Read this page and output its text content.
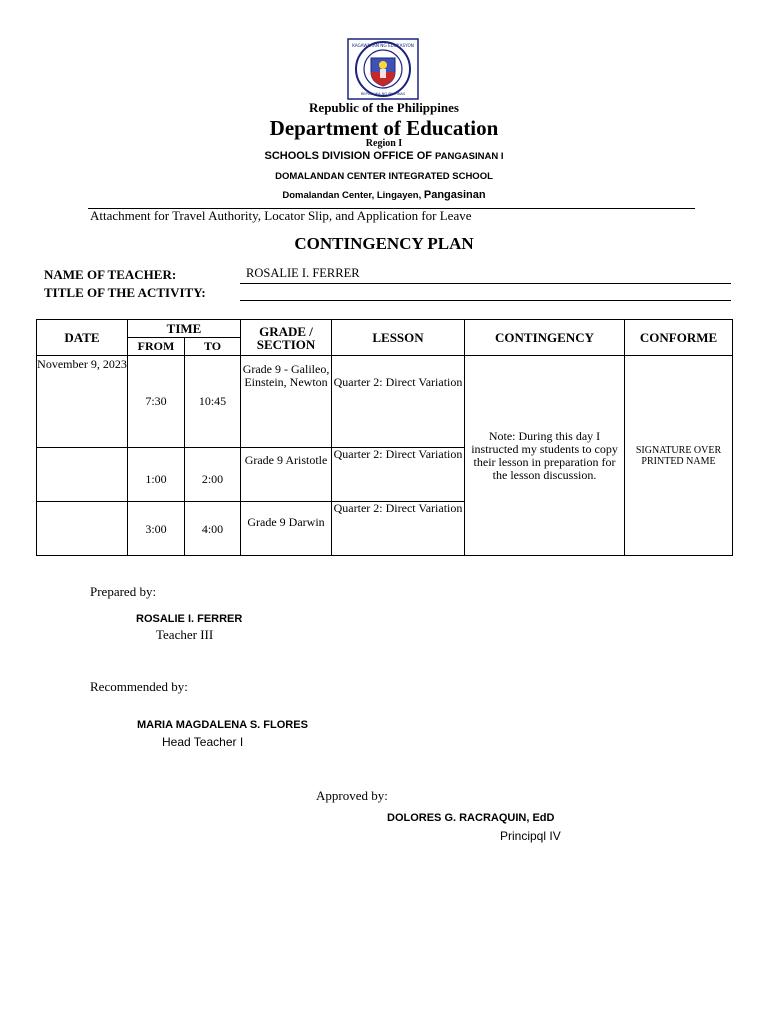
KAGAWARAN NG EDUKASYON
REPUBLIKA NG PILIPINAS
Republic of the Philippines
Department of Education
Region I
SCHOOLS DIVISION OFFICE OF PANGASINAN I
DOMALANDAN CENTER INTEGRATED SCHOOL
Domalandan Center, Lingayen, Pangasinan
Attachment for Travel Authority, Locator Slip, and Application for Leave
CONTINGENCY PLAN
NAME OF TEACHER:	ROSALIE I. FERRER
TITLE OF THE ACTIVITY:
DATE	TIME		GRADE / SECTION	LESSON	CONTINGENCY	CONFORME
	FROM	TO				
November 9, 2023	7:30	10:45	Grade 9 - Galileo, Einstein, Newton	Quarter 2: Direct Variation	Note: During this day I instructed my students to copy their lesson in preparation for the lesson discussion.	SIGNATURE OVER PRINTED NAME
	1:00	2:00	Grade 9 Aristotle	Quarter 2: Direct Variation		
	3:00	4:00	Grade 9 Darwin	Quarter 2: Direct Variation		
Prepared by:
ROSALIE I. FERRER
Teacher III
Recommended by:
MARIA MAGDALENA S. FLORES
Head Teacher I
Approved by:
DOLORES G. RACRAQUIN, EdD
Principql IV
